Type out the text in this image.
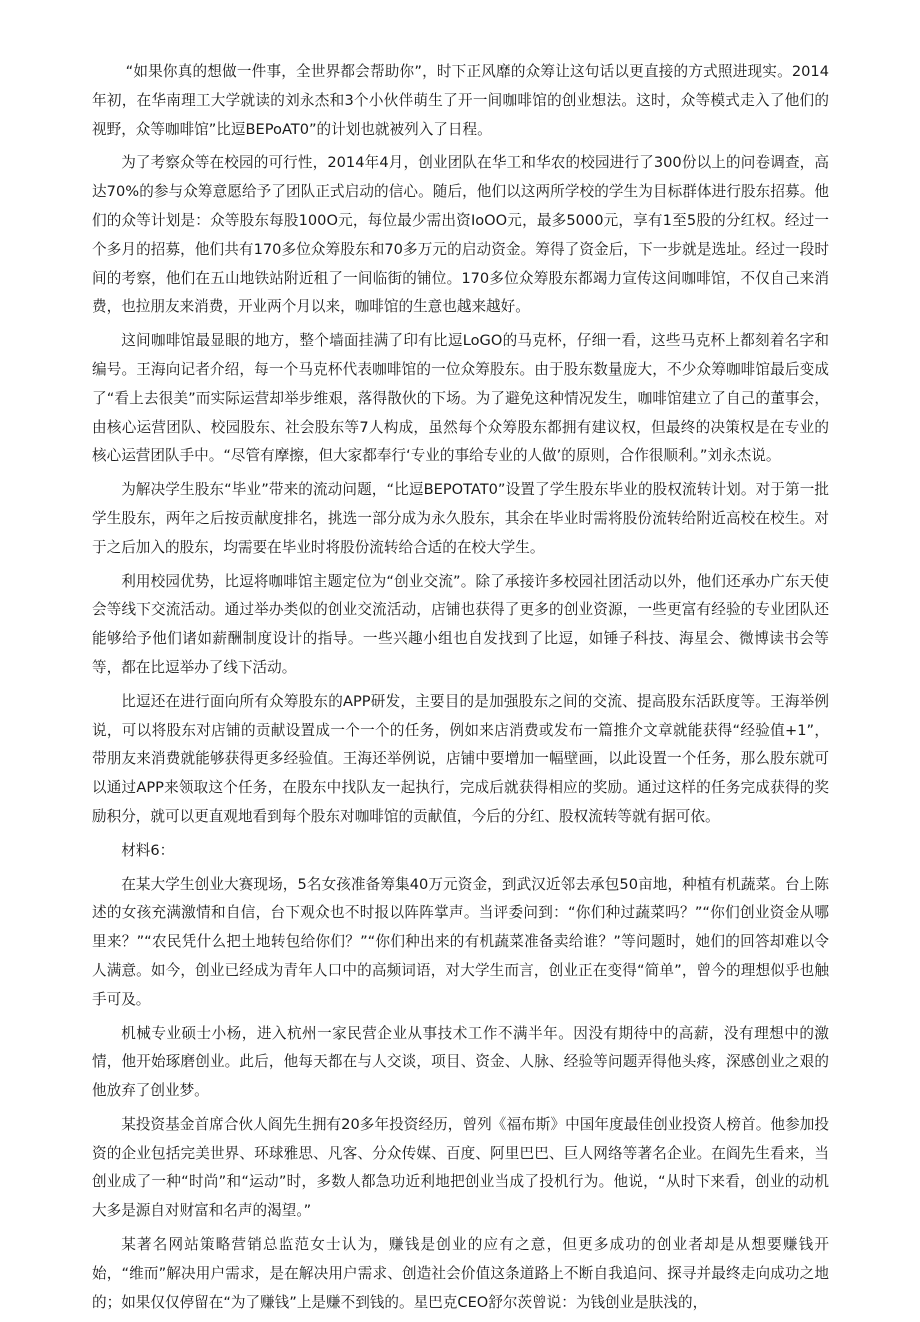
“如果你真的想做一件事，全世界都会帮助你”，时下正风靡的众筹让这句话以更直接的方式照进现实。2014年初，在华南理工大学就读的刘永杰和3个小伙伴萌生了开一间咖啡馆的创业想法。这时，众等模式走入了他们的视野，众等咖啡馆”比逗BEPoAT0”的计划也就被列入了日程。

为了考察众等在校园的可行性，2014年4月，创业团队在华工和华农的校园进行了300份以上的问卷调查，高达70%的参与众筹意愿给予了团队正式启动的信心。随后，他们以这两所学校的学生为目标群体进行股东招募。他们的众等计划是：众等股东每股100O元，每位最少需出资IoOO元，最多5000元，享有1至5股的分红权。经过一个多月的招募，他们共有170多位众筹股东和70多万元的启动资金。筹得了资金后，下一步就是选址。经过一段时间的考察，他们在五山地铁站附近租了一间临街的铺位。170多位众筹股东都竭力宣传这间咖啡馆，不仅自己来消费，也拉朋友来消费，开业两个月以来，咖啡馆的生意也越来越好。

这间咖啡馆最显眼的地方，整个墙面挂满了印有比逗LoGO的马克杯，仔细一看，这些马克杯上都刻着名字和编号。王海向记者介绍，每一个马克杯代表咖啡馆的一位众筹股东。由于股东数量庞大，不少众筹咖啡馆最后变成了“看上去很美”而实际运营却举步维艰，落得散伙的下场。为了避免这种情况发生，咖啡馆建立了自己的董事会，由核心运营团队、校园股东、社会股东等7人构成，虽然每个众筹股东都拥有建议权，但最终的决策权是在专业的核心运营团队手中。“尽管有摩擦，但大家都奉行‘专业的事给专业的人做’的原则，合作很顺利。”刘永杰说。

为解决学生股东“毕业”带来的流动问题，“比逗BEPOTAT0”设置了学生股东毕业的股权流转计划。对于第一批学生股东，两年之后按贡献度排名，挑选一部分成为永久股东，其余在毕业时需将股份流转给附近高校在校生。对于之后加入的股东，均需要在毕业时将股份流转给合适的在校大学生。

利用校园优势，比逗将咖啡馆主题定位为“创业交流”。除了承接许多校园社团活动以外，他们还承办广东天使会等线下交流活动。通过举办类似的创业交流活动，店铺也获得了更多的创业资源，一些更富有经验的专业团队还能够给予他们诸如薪酬制度设计的指导。一些兴趣小组也自发找到了比逗，如锤子科技、海星会、微博读书会等等，都在比逗举办了线下活动。

比逗还在进行面向所有众筹股东的APP研发，主要目的是加强股东之间的交流、提高股东活跃度等。王海举例说，可以将股东对店铺的贡献设置成一个一个的任务，例如来店消费或发布一篇推介文章就能获得“经验值+1”，带朋友来消费就能够获得更多经验值。王海还举例说，店铺中要增加一幅壁画，以此设置一个任务，那么股东就可以通过APP来领取这个任务，在股东中找队友一起执行，完成后就获得相应的奖励。通过这样的任务完成获得的奖励积分，就可以更直观地看到每个股东对咖啡馆的贡献值，今后的分红、股权流转等就有据可依。

材料6：

在某大学生创业大赛现场，5名女孩准备筹集40万元资金，到武汉近邻去承包50亩地，种植有机蔬菜。台上陈述的女孩充满激情和自信，台下观众也不时报以阵阵掌声。当评委问到：“你们种过蔬菜吗？”“你们创业资金从哪里来？”“农民凭什么把土地转包给你们？”“你们种出来的有机蔬菜准备卖给谁？”等问题时，她们的回答却难以令人满意。如今，创业已经成为青年人口中的高频词语，对大学生而言，创业正在变得“简单”，曾今的理想似乎也触手可及。

机械专业硕士小杨，进入杭州一家民营企业从事技术工作不满半年。因没有期待中的高薪，没有理想中的激情，他开始琢磨创业。此后，他每天都在与人交谈，项目、资金、人脉、经验等问题弄得他头疼，深感创业之艰的他放弃了创业梦。

某投资基金首席合伙人阎先生拥有20多年投资经历，曾列《福布斯》中国年度最佳创业投资人榜首。他参加投资的企业包括完美世界、环球雅思、凡客、分众传媒、百度、阿里巴巴、巨人网络等著名企业。在阎先生看来，当创业成了一种“时尚”和“运动”时，多数人都急功近利地把创业当成了投机行为。他说，“从时下来看，创业的动机大多是源自对财富和名声的渴望。”

某著名网站策略营销总监范女士认为，赚钱是创业的应有之意，但更多成功的创业者却是从想要赚钱开始，“维而”解决用户需求，是在解决用户需求、创造社会价值这条道路上不断自我追问、探寻并最终走向成功之地的；如果仅仅停留在“为了赚钱”上是赚不到钱的。星巴克CEO舒尔茨曾说：为钱创业是肤浅的，
